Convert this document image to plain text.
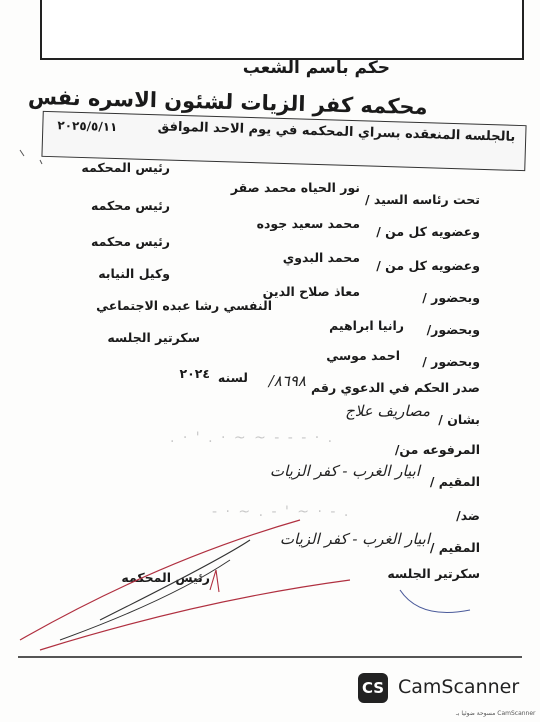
حكم باسم الشعب
محكمه كفر الزيات لشئون الاسره نفس
بالجلسه المنعقده بسراي المحكمه في يوم الاحد الموافق
٢٠٢٥/٥/١١
تحت رئاسه السيد /
نور الحياه محمد صقر
رئيس المحكمه
وعضويه كل من /
محمد سعيد جوده
رئيس محكمه
وعضويه كل من /
محمد البدوي
رئيس محكمه
وبحضور /
معاذ صلاح الدين
وكيل النيابه
وبحضور/
رانيا ابراهيم
النفسي رشا عبده الاجتماعي
وبحضور /
احمد موسي
سكرتير الجلسه
صدر الحكم في الدعوي رقم
٨٦٩٨/
لسنه
٢٠٢٤
بشان /
مصاريف علاج
المرفوعه من/
. · ' . · ~ ~ - - - · .
المقيم /
ابيار الغرب - كفر الزيات
ضد/
- · ~ . - ' ~ · - .
المقيم /
ابيار الغرب - كفر الزيات
سكرتير الجلسه
رئيس المحكمه
CS CamScanner
CamScanner مسوحة ضوئيا بـ
